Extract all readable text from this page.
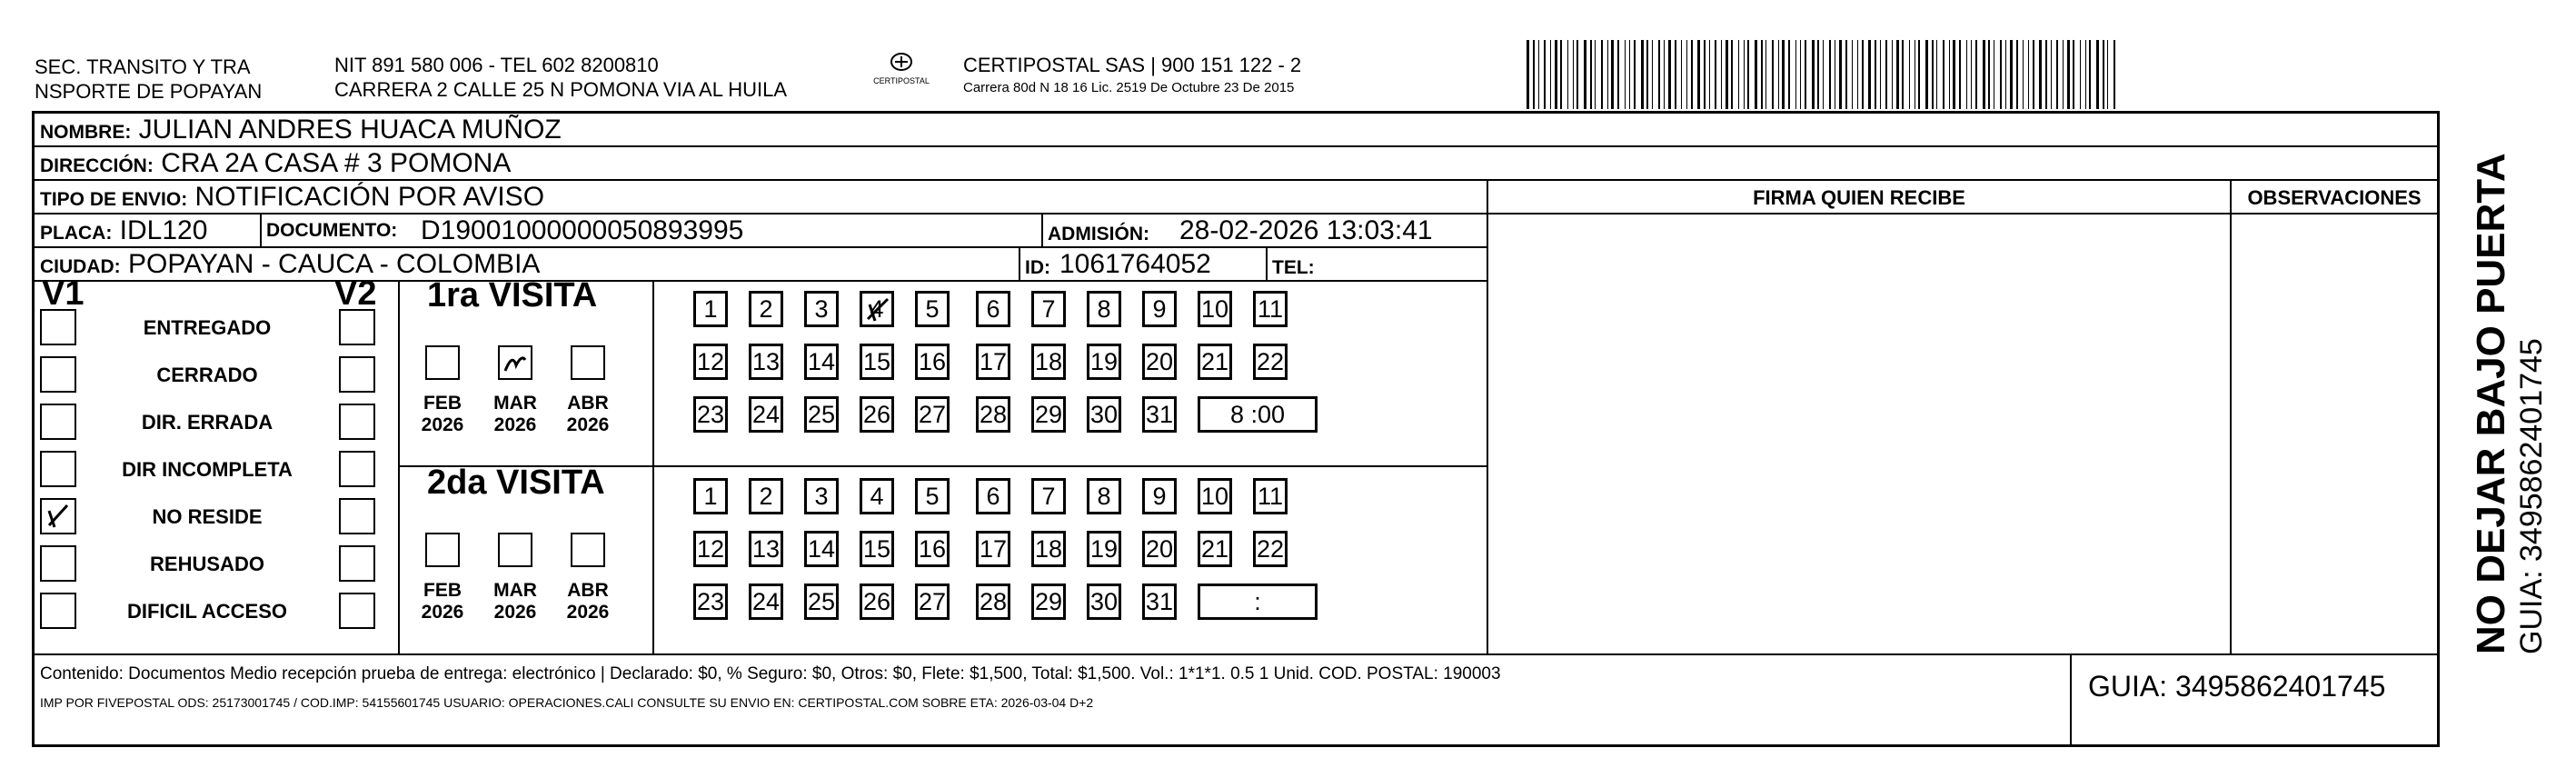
SEC. TRANSITO Y TRA
NSPORTE DE POPAYAN
NIT 891 580 006 - TEL 602 8200810
CARRERA 2 CALLE 25 N POMONA VIA AL HUILA	CERTIPOSTAL
CERTIPOSTAL SAS | 900 151 122 - 2
Carrera 80d N 18 16 Lic. 2519 De Octubre 23 De 2015
NOMBRE: JULIAN ANDRES HUACA MUÑOZ
DIRECCIÓN: CRA 2A CASA # 3 POMONA
TIPO DE ENVIO: NOTIFICACIÓN POR AVISO
PLACA: IDL120	DOCUMENTO: D19001000000050893995	ADMISIÓN: 28-02-2026 13:03:41
CIUDAD: POPAYAN - CAUCA - COLOMBIA	ID: 1061764052	TEL:
FIRMA QUIEN RECIBE	OBSERVACIONES
V1	V2 1ra VISITA
2da VISITA
ENTREGADO
CERRADO
DIR. ERRADA
DIR INCOMPLETA
NO RESIDE
REHUSADO
DIFICIL ACCESO
FEB
2026
MAR
2026
ABR
2026
1	2	3	4	5	6	7	8	9	10 11
12 13 14 15 16 17 18 19 20 21 22
23 24 25 26 27 28 29 30 31	8 :00
FEB
2026
MAR
2026
ABR
2026
1	2	3	4	5	6	7	8	9	10 11
12 13 14 15 16 17 18 19 20 21 22
23 24 25 26 27 28 29 30 31	:
Contenido: Documentos Medio recepción prueba de entrega: electrónico | Declarado: $0, % Seguro: $0, Otros: $0, Flete: $1,500, Total: $1,500. Vol.: 1*1*1. 0.5 1 Unid. COD. POSTAL: 190003
IMP POR FIVEPOSTAL ODS: 25173001745 / COD.IMP: 54155601745 USUARIO: OPERACIONES.CALI CONSULTE SU ENVIO EN: CERTIPOSTAL.COM SOBRE ETA: 2026-03-04 D+2	GUIA: 3495862401745
NO DEJAR BAJO PUERTA GUIA: 3495862401745
